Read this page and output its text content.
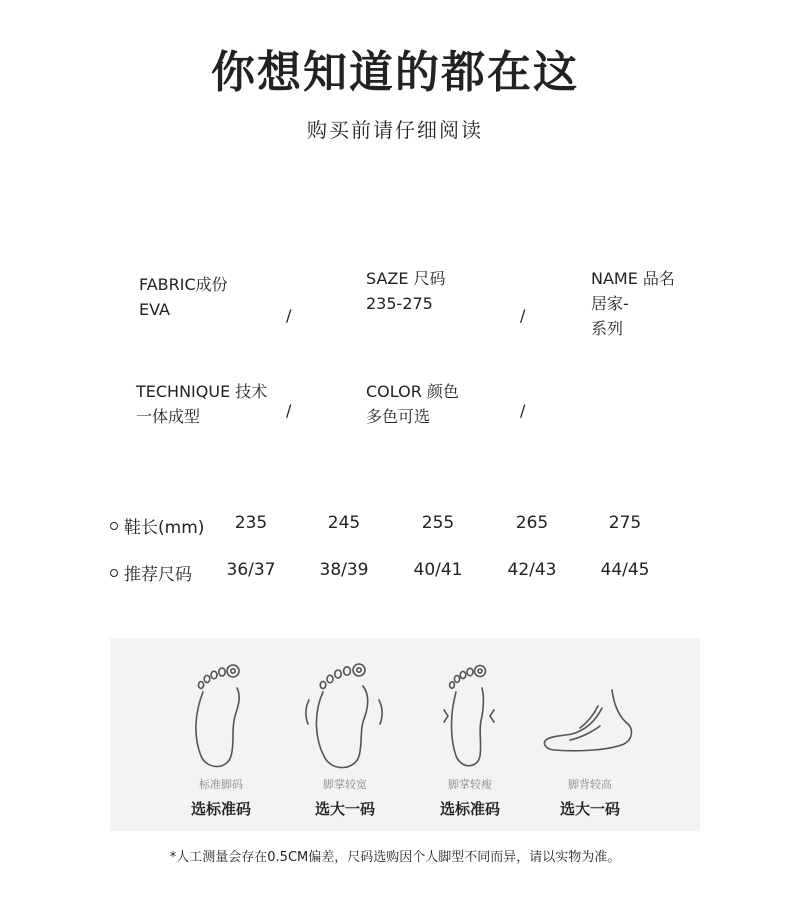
你想知道的都在这
购买前请仔细阅读
FABRIC成份
EVA	/
SAZE 尺码
235-275
/
NAME 品名
居家-
系列
TECHNIQUE 技术
一体成型	/
COLOR 颜色
多色可选	/
鞋长(mm)	235	245	255	265	275
推荐尺码	36/37	38/39	40/41	42/43	44/45
标准脚码
选标准码
脚掌较宽
选大一码
脚掌较瘦
选标准码
脚背较高
选大一码
*人工测量会存在0.5CM偏差，尺码选购因个人脚型不同而异，请以实物为准。
